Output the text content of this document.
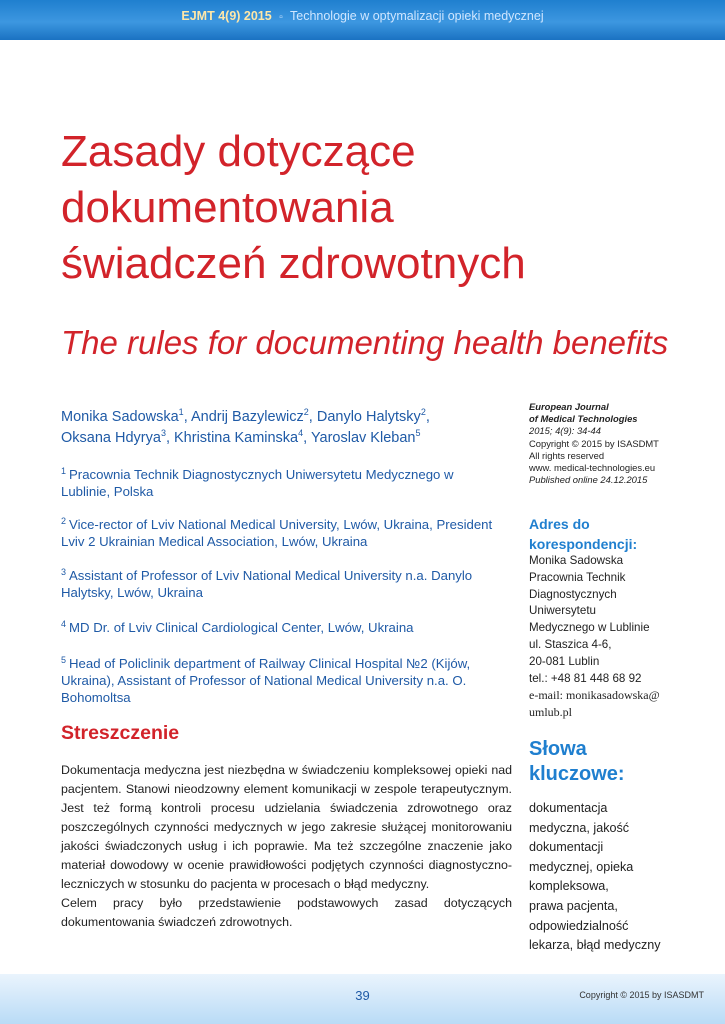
EJMT 4(9) 2015 ▫ Technologie w optymalizacji opieki medycznej
Zasady dotyczące dokumentowania świadczeń zdrowotnych
The rules for documenting health benefits
Monika Sadowska$^1$, Andrij Bazylewicz$^2$, Danylo Halytsky$^2$,
Oksana Hdyrya$^3$, Khristina Kaminska$^4$, Yaroslav Kleban$^5$
$^1$ Pracownia Technik Diagnostycznych Uniwersytetu Medycznego w Lublinie, Polska
$^2$ Vice-rector of Lviv National Medical University, Lwów, Ukraina, President Lviv 2 Ukrainian Medical Association, Lwów, Ukraina
$^3$ Assistant of Professor of Lviv National Medical University n.a. Danylo Halytsky, Lwów, Ukraina
$^4$ MD Dr. of Lviv Clinical Cardiological Center, Lwów, Ukraina
$^5$ Head of Policlinik department of Railway Clinical Hospital №2 (Kijów, Ukraina), Assistant of Professor of National Medical University n.a. O. Bohomoltsa
Streszczenie

Dokumentacja medyczna jest niezbędna w świadczeniu kompleksowej opieki nad pacjentem. Stanowi nieodzowny element komunikacji w zespole terapeutycznym. Jest też formą kontroli procesu udzielania świadczenia zdrowotnego oraz poszczególnych czynności medycznych w jego zakresie służącej monitorowaniu jakości świadczonych usług i ich poprawie. Ma też szczególne znaczenie jako materiał dowodowy w ocenie prawidłowości podjętych czynności diagnostyczno-leczniczych w stosunku do pacjenta w procesach o błąd medyczny.

Celem pracy było przedstawienie podstawowych zasad dotyczących dokumentowania świadczeń zdrowotnych.

European Journal
of Medical Technologies
2015; 4(9): 34-44
Copyright © 2015 by ISASDMT
All rights reserved
www. medical-technologies.eu
Published online 24.12.2015
Adres do
korespondencji:
Monika Sadowska
Pracownia Technik
Diagnostycznych
Uniwersytetu
Medycznego w Lublinie
ul. Staszica 4-6,
20-081 Lublin
tel.: +48 81 448 68 92
e-mail: monikasadowska@
umlub.pl
Słowa
kluczowe:
dokumentacja
medyczna, jakość
dokumentacji
medycznej, opieka
kompleksowa,
prawa pacjenta,
odpowiedzialność
lekarza, błąd medyczny
39	Copyright © 2015 by ISASDMT
